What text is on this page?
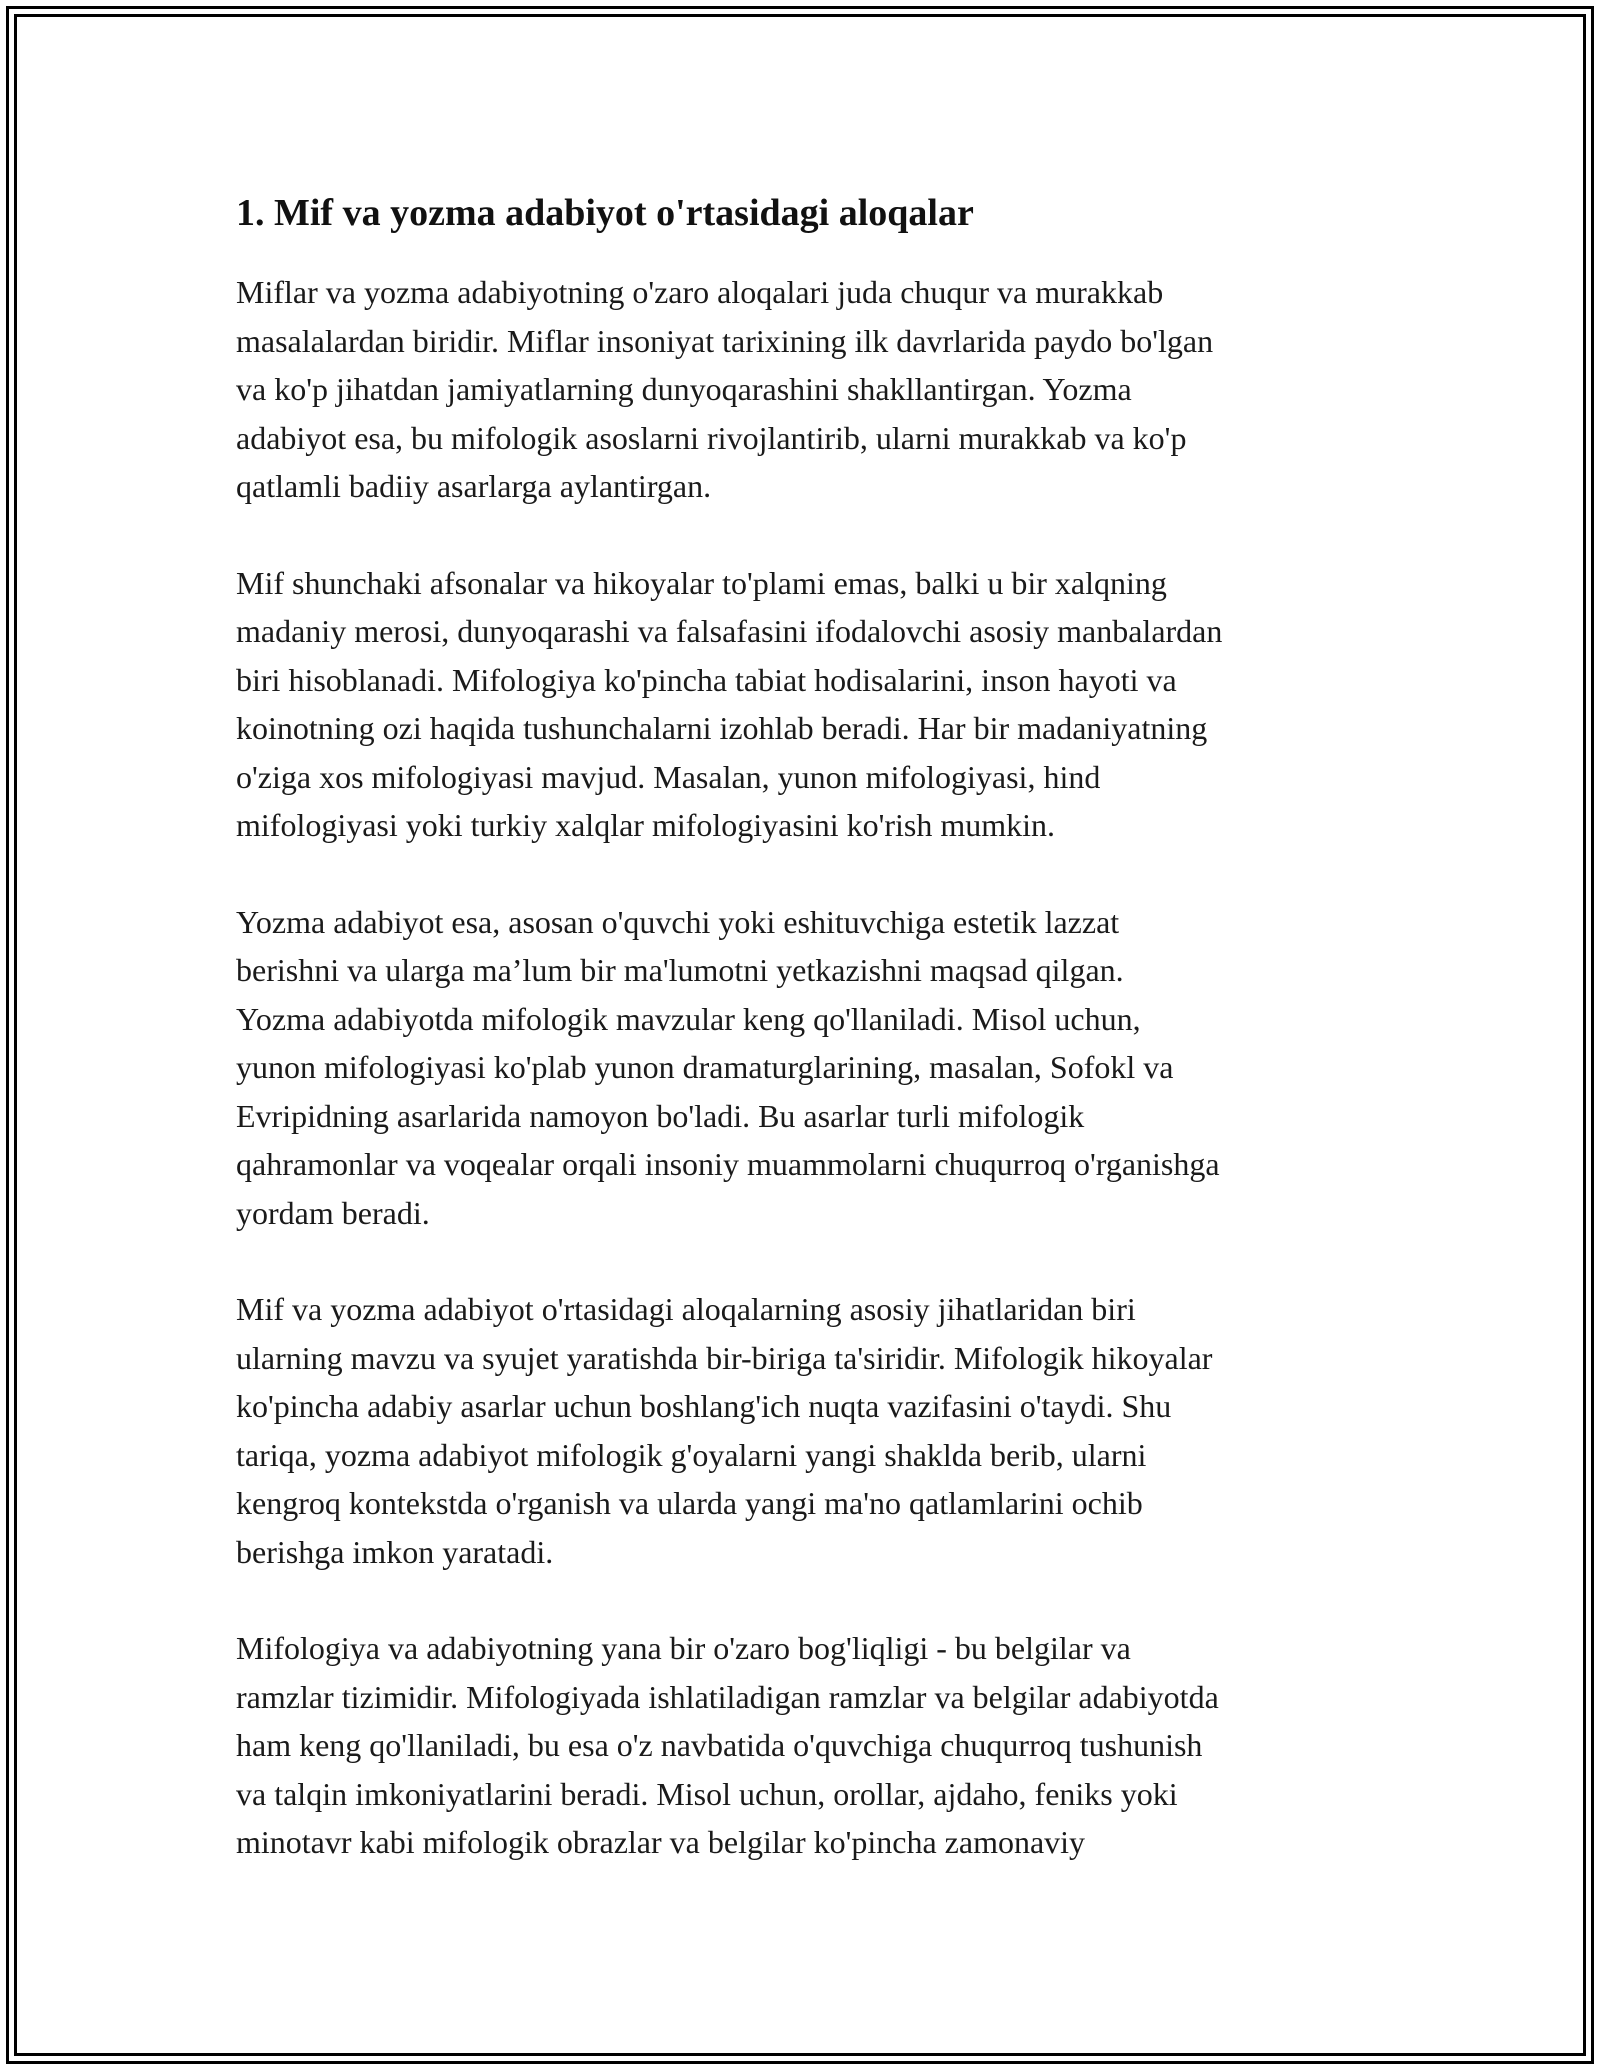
1. Mif va yozma adabiyot o'rtasidagi aloqalar

Miflar va yozma adabiyotning o'zaro aloqalari juda chuqur va murakkab
masalalardan biridir. Miflar insoniyat tarixining ilk davrlarida paydo bo'lgan
va ko'p jihatdan jamiyatlarning dunyoqarashini shakllantirgan. Yozma
adabiyot esa, bu mifologik asoslarni rivojlantirib, ularni murakkab va ko'p
qatlamli badiiy asarlarga aylantirgan.

Mif shunchaki afsonalar va hikoyalar to'plami emas, balki u bir xalqning
madaniy merosi, dunyoqarashi va falsafasini ifodalovchi asosiy manbalardan
biri hisoblanadi. Mifologiya ko'pincha tabiat hodisalarini, inson hayoti va
koinotning ozi haqida tushunchalarni izohlab beradi. Har bir madaniyatning
o'ziga xos mifologiyasi mavjud. Masalan, yunon mifologiyasi, hind
mifologiyasi yoki turkiy xalqlar mifologiyasini ko'rish mumkin.

Yozma adabiyot esa, asosan o'quvchi yoki eshituvchiga estetik lazzat
berishni va ularga ma’lum bir ma'lumotni yetkazishni maqsad qilgan.
Yozma adabiyotda mifologik mavzular keng qo'llaniladi. Misol uchun,
yunon mifologiyasi ko'plab yunon dramaturglarining, masalan, Sofokl va
Evripidning asarlarida namoyon bo'ladi. Bu asarlar turli mifologik
qahramonlar va voqealar orqali insoniy muammolarni chuqurroq o'rganishga
yordam beradi.

Mif va yozma adabiyot o'rtasidagi aloqalarning asosiy jihatlaridan biri
ularning mavzu va syujet yaratishda bir-biriga ta'siridir. Mifologik hikoyalar
ko'pincha adabiy asarlar uchun boshlang'ich nuqta vazifasini o'taydi. Shu
tariqa, yozma adabiyot mifologik g'oyalarni yangi shaklda berib, ularni
kengroq kontekstda o'rganish va ularda yangi ma'no qatlamlarini ochib
berishga imkon yaratadi.

Mifologiya va adabiyotning yana bir o'zaro bog'liqligi - bu belgilar va
ramzlar tizimidir. Mifologiyada ishlatiladigan ramzlar va belgilar adabiyotda
ham keng qo'llaniladi, bu esa o'z navbatida o'quvchiga chuqurroq tushunish
va talqin imkoniyatlarini beradi. Misol uchun, orollar, ajdaho, feniks yoki
minotavr kabi mifologik obrazlar va belgilar ko'pincha zamonaviy
